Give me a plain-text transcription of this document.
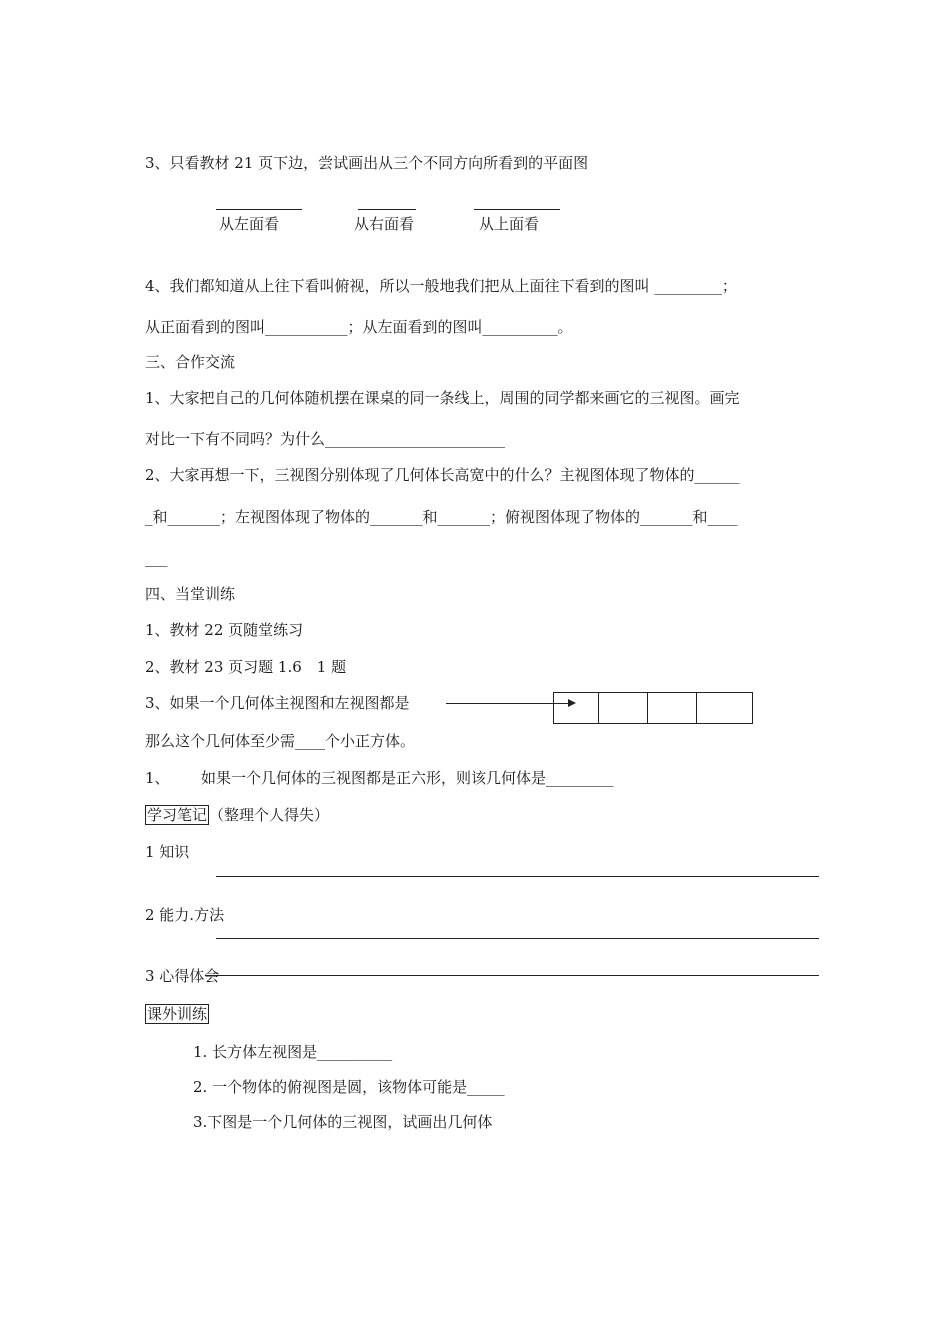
3、只看教材 21 页下边，尝试画出从三个不同方向所看到的平面图
从左面看	从右面看	从上面看
4、我们都知道从上往下看叫俯视，所以一般地我们把从上面往下看到的图叫 _________；
从正面看到的图叫___________；从左面看到的图叫__________。
三、合作交流
1、大家把自己的几何体随机摆在课桌的同一条线上，周围的同学都来画它的三视图。画完
对比一下有不同吗？为什么________________________
2、大家再想一下，三视图分别体现了几何体长高宽中的什么？主视图体现了物体的______
_和_______；左视图体现了物体的_______和_______；俯视图体现了物体的_______和____
___
四、当堂训练
1、教材 22 页随堂练习
2、教材 23 页习题 1.6　1 题
3、如果一个几何体主视图和左视图都是
那么这个几何体至少需____个小正方体。
1、 如果一个几何体的三视图都是正六形，则该几何体是_________
学习笔记 （整理个人得失）
1 知识
2 能力.方法
3 心得体会
课外训练
1. 长方体左视图是__________
2. 一个物体的俯视图是圆，该物体可能是_____
3.下图是一个几何体的三视图，试画出几何体
